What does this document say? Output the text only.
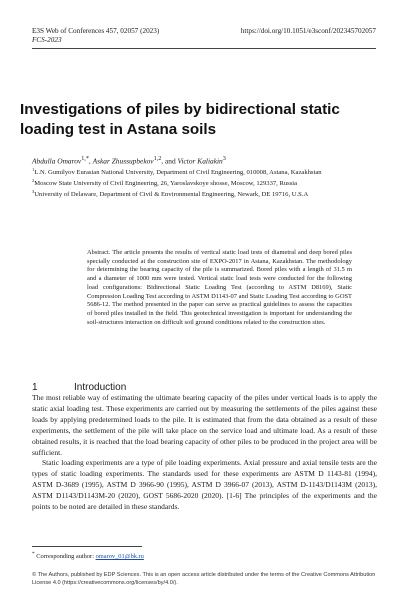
E3S Web of Conferences 457, 02057 (2023)
FCS-2023
https://doi.org/10.1051/e3sconf/202345702057
Investigations of piles by bidirectional static loading test in Astana soils
Abdulla Omarov$^{1,*}$, Askar Zhussupbekov$^{1,2}$, and Victor Kaliakin$^3$

$^1$L.N. Gumilyov Eurasian National University, Department of Civil Engineering, 010008, Astana, Kazakhstan

$^2$Moscow State University of Civil Engineering, 26, Yaroslavskoye shosse, Moscow, 129337, Russia

$^3$University of Delaware, Department of Civil & Environmental Engineering, Newark, DE 19716, U.S.A

Abstract. The article presents the results of vertical static load tests of diametral and deep bored piles specially conducted at the construction site of EXPO-2017 in Astana, Kazakhstan. The methodology for determining the bearing capacity of the pile is summarized. Bored piles with a length of 31.5 m and a diameter of 1000 mm were tested. Vertical static load tests were conducted for the following load configurations: Bidirectional Static Loading Test (according to ASTM D8169), Static Compression Loading Test according to ASTM D1143-07 and Static Loading Test according to GOST 5686-12. The method presented in the paper can serve as practical guidelines to assess the capacities of bored piles installed in the field. This geotechnical investigation is important for understanding the soil-structures interaction on difficult soil ground conditions related to the construction sites.

1	Introduction

The most reliable way of estimating the ultimate bearing capacity of the piles under vertical loads is to apply the static axial loading test. These experiments are carried out by measuring the settlements of the piles against these loads by applying predetermined loads to the pile. It is estimated that from the data obtained as a result of these experiments, the settlement of the pile will take place on the service load and ultimate load. As a result of these obtained results, it is reached that the load bearing capacity of other piles to be produced in the project area will be sufficient.

Static loading experiments are a type of pile loading experiments. Axial pressure and axial tensile tests are the types of static loading experiments. The standards used for these experiments are ASTM D 1143-81 (1994), ASTM D-3689 (1995), ASTM D 3966-90 (1995), ASTM D 3966-07 (2013), ASTM D-1143/D1143M (2013), ASTM D1143/D1143M-20 (2020), GOST 5686-2020 (2020). [1-6] The principles of the experiments and the points to be noted are detailed in these standards.

* Corresponding author: omarov_01@bk.ru
© The Authors, published by EDP Sciences. This is an open access article distributed under the terms of the Creative Commons Attribution License 4.0 (https://creativecommons.org/licenses/by/4.0/).
